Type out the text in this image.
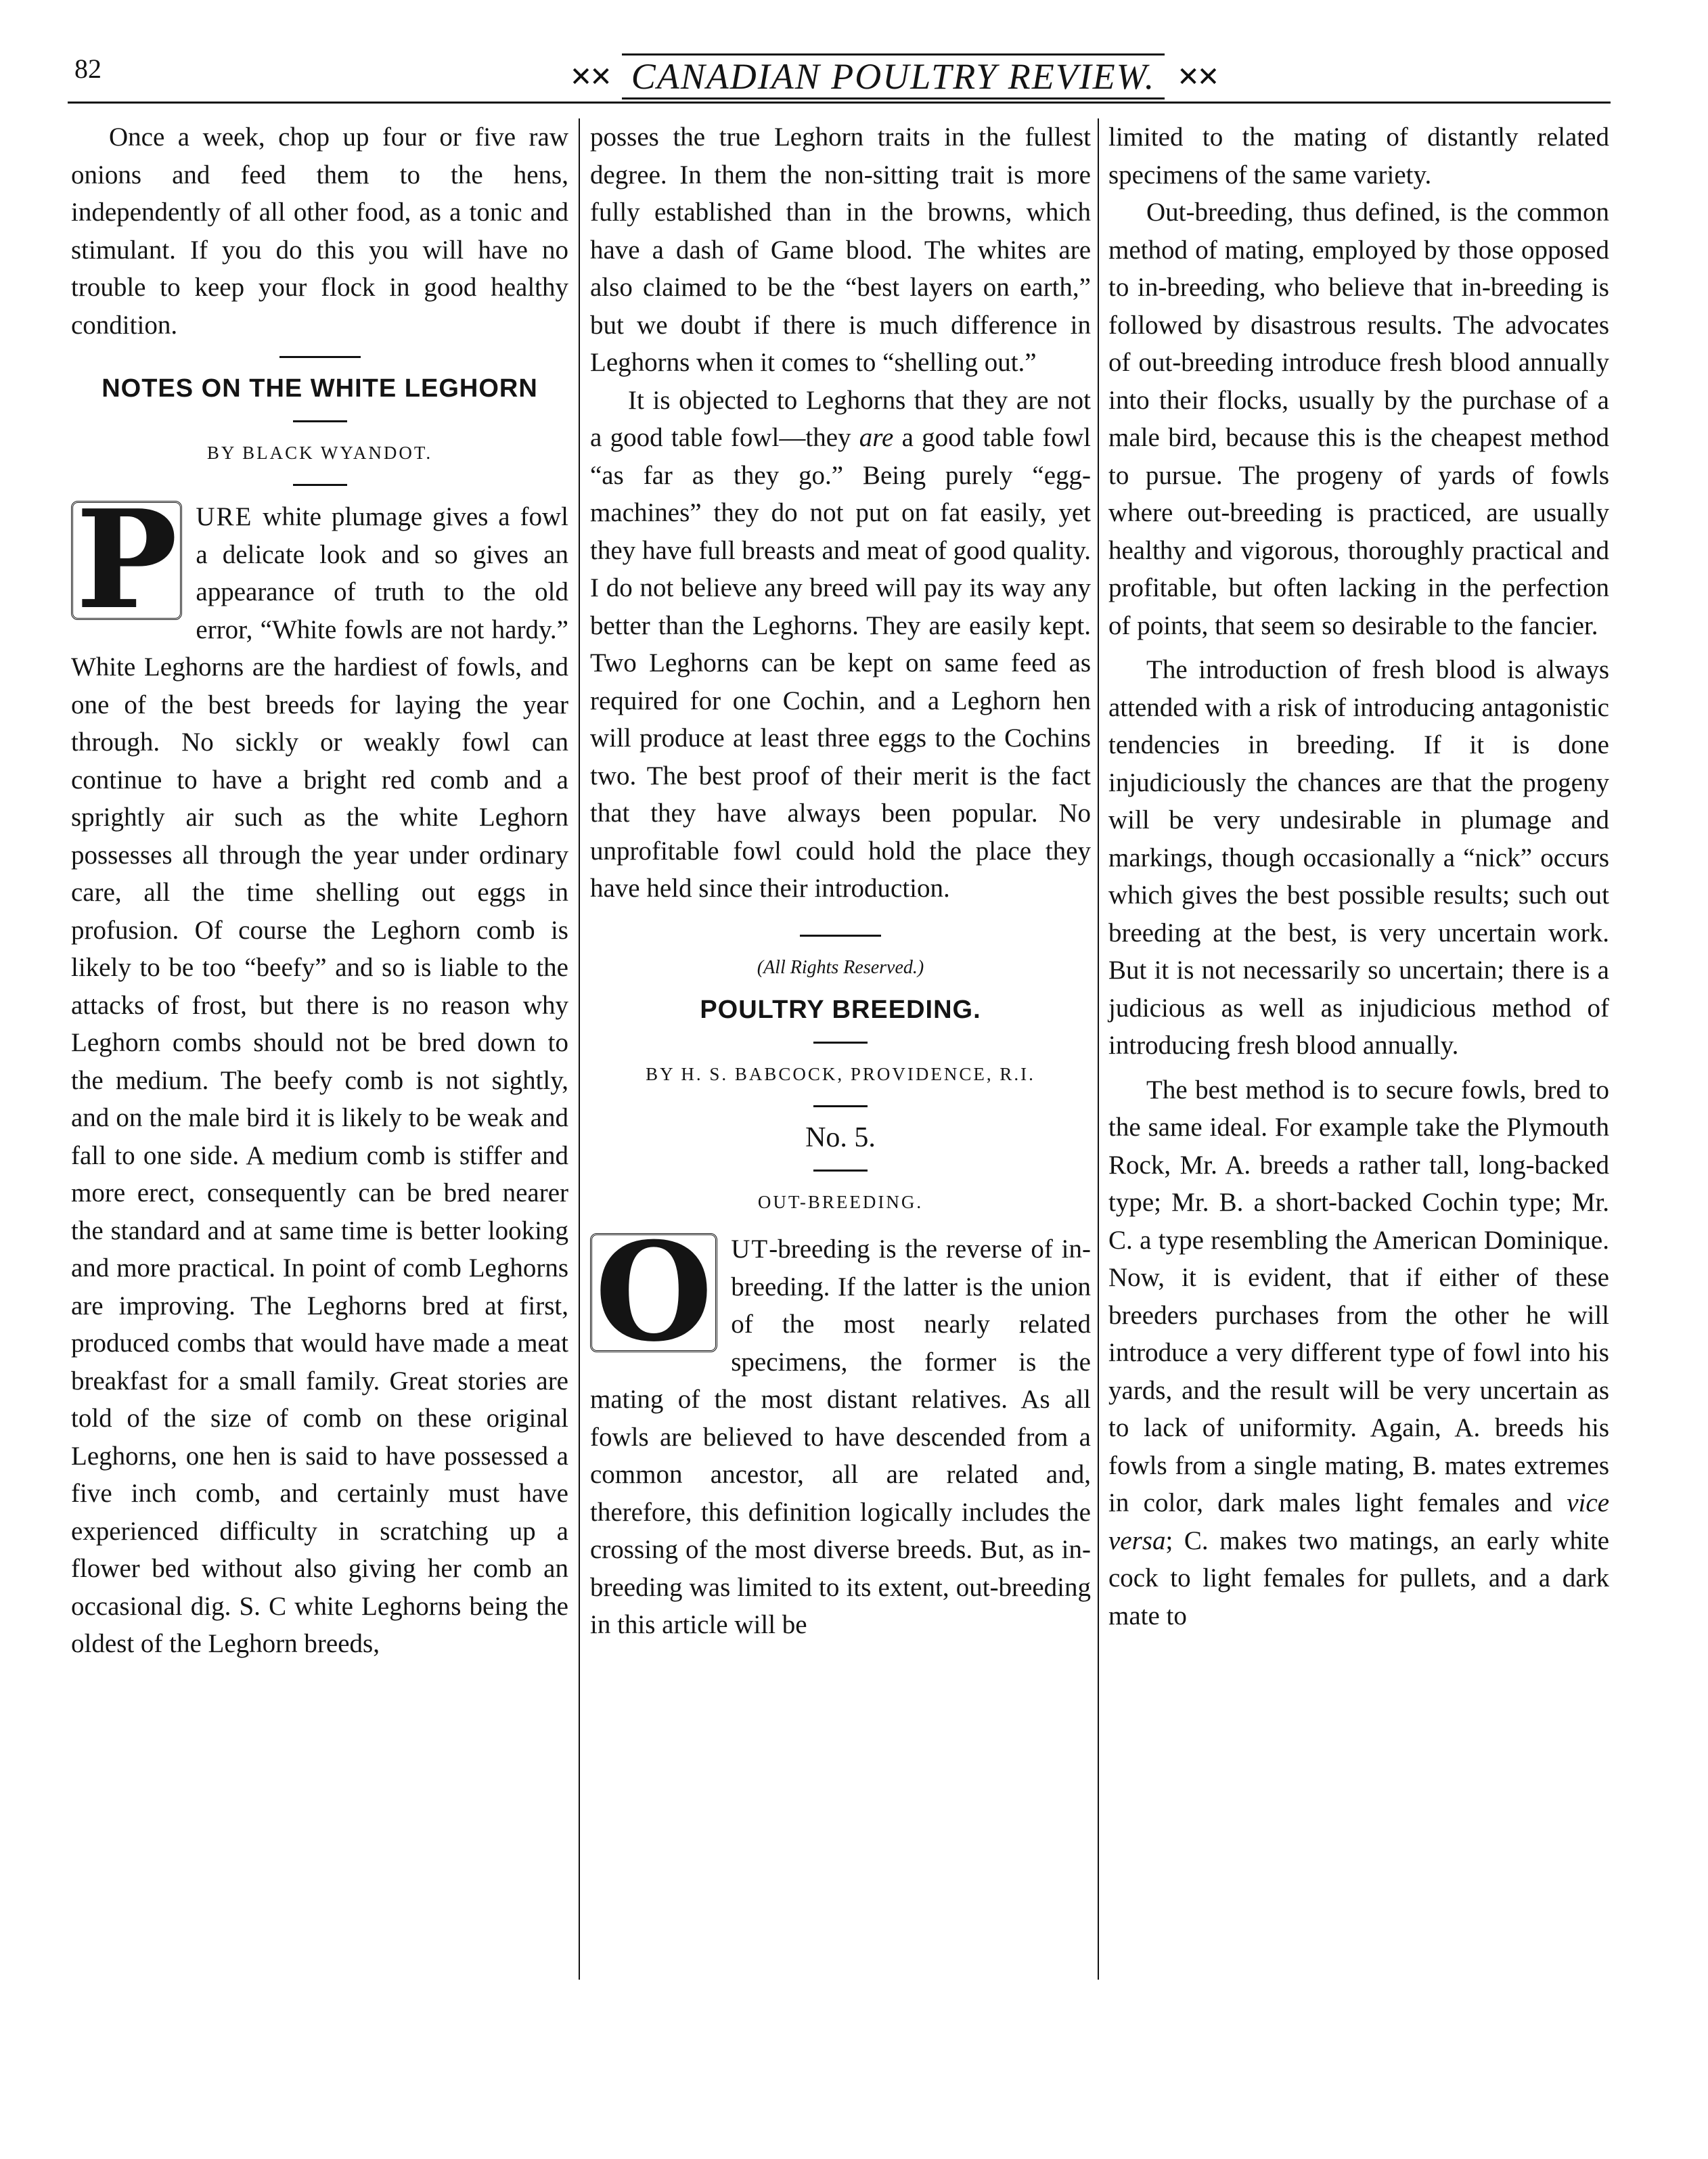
82	✕✕ CANADIAN POULTRY REVIEW. ✕✕

Once a week, chop up four or five raw onions and feed them to the hens, independently of all other food, as a tonic and stimulant. If you do this you will have no trouble to keep your flock in good healthy condition.

NOTES ON THE WHITE LEGHORN
BY BLACK WYANDOT.

P URE white plumage gives a fowl a delicate look and so gives an appearance of truth to the old error, “White fowls are not hardy.” White Leghorns are the hardiest of fowls, and one of the best breeds for laying the year through. No sickly or weakly fowl can continue to have a bright red comb and a sprightly air such as the white Leghorn possesses all through the year under ordinary care, all the time shelling out eggs in profusion. Of course the Leghorn comb is likely to be too “beefy” and so is liable to the attacks of frost, but there is no reason why Leghorn combs should not be bred down to the medium. The beefy comb is not sightly, and on the male bird it is likely to be weak and fall to one side. A medium comb is stiffer and more erect, consequently can be bred nearer the standard and at same time is better looking and more practical. In point of comb Leghorns are improving. The Leghorns bred at first, produced combs that would have made a meat breakfast for a small family. Great stories are told of the size of comb on these original Leghorns, one hen is said to have possessed a five inch comb, and certainly must have experienced difficulty in scratching up a flower bed without also giving her comb an occasional dig. S. C white Leghorns being the oldest of the Leghorn breeds,

posses the true Leghorn traits in the fullest degree. In them the non-sitting trait is more fully established than in the browns, which have a dash of Game blood. The whites are also claimed to be the “best layers on earth,” but we doubt if there is much difference in Leghorns when it comes to “shelling out.”

It is objected to Leghorns that they are not a good table fowl—they are a good table fowl “as far as they go.” Being purely “egg-machines” they do not put on fat easily, yet they have full breasts and meat of good quality. I do not believe any breed will pay its way any better than the Leghorns. They are easily kept. Two Leghorns can be kept on same feed as required for one Cochin, and a Leghorn hen will produce at least three eggs to the Cochins two. The best proof of their merit is the fact that they have always been popular. No unprofitable fowl could hold the place they have held since their introduction.

(All Rights Reserved.)
POULTRY BREEDING.
BY H. S. BABCOCK, PROVIDENCE, R.I.
No. 5.
OUT-BREEDING.

O UT-breeding is the reverse of in-breeding. If the latter is the union of the most nearly related specimens, the former is the mating of the most distant relatives. As all fowls are believed to have descended from a common ancestor, all are related and, therefore, this definition logically includes the crossing of the most diverse breeds. But, as in-breeding was limited to its extent, out-breeding in this article will be

limited to the mating of distantly related specimens of the same variety.

Out-breeding, thus defined, is the common method of mating, employed by those opposed to in-breeding, who believe that in-breeding is followed by disastrous results. The advocates of out-breeding introduce fresh blood annually into their flocks, usually by the purchase of a male bird, because this is the cheapest method to pursue. The progeny of yards of fowls where out-breeding is practiced, are usually healthy and vigorous, thoroughly practical and profitable, but often lacking in the perfection of points, that seem so desirable to the fancier.

The introduction of fresh blood is always attended with a risk of introducing antagonistic tendencies in breeding. If it is done injudiciously the chances are that the progeny will be very undesirable in plumage and markings, though occasionally a “nick” occurs which gives the best possible results; such out breeding at the best, is very uncertain work. But it is not necessarily so uncertain; there is a judicious as well as injudicious method of introducing fresh blood annually.

The best method is to secure fowls, bred to the same ideal. For example take the Plymouth Rock, Mr. A. breeds a rather tall, long-backed type; Mr. B. a short-backed Cochin type; Mr. C. a type resembling the American Dominique. Now, it is evident, that if either of these breeders purchases from the other he will introduce a very different type of fowl into his yards, and the result will be very uncertain as to lack of uniformity. Again, A. breeds his fowls from a single mating, B. mates extremes in color, dark males light females and vice versa; C. makes two matings, an early white cock to light females for pullets, and a dark mate to
